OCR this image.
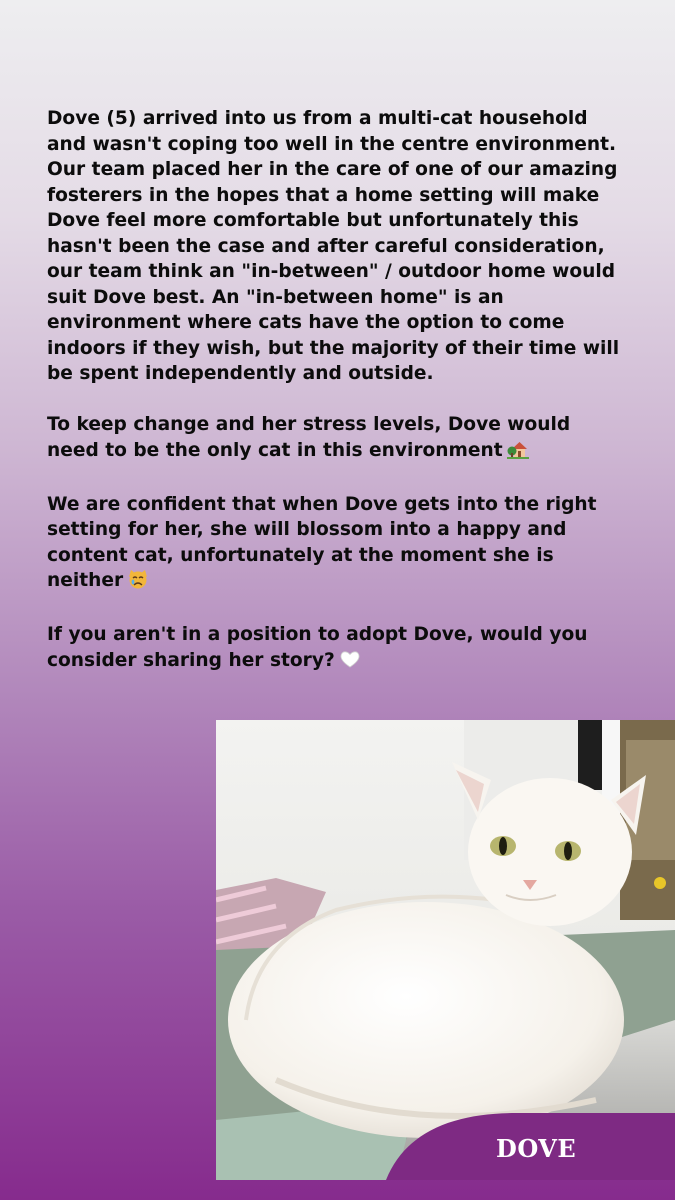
Dove (5) arrived into us from a multi-cat household
and wasn't coping too well in the centre environment.
Our team placed her in the care of one of our amazing
fosterers in the hopes that a home setting will make
Dove feel more comfortable but unfortunately this
hasn't been the case and after careful consideration,
our team think an "in-between" / outdoor home would
suit Dove best. An "in-between home" is an
environment where cats have the option to come
indoors if they wish, but the majority of their time will
be spent independently and outside.

To keep change and her stress levels, Dove would
need to be the only cat in this environment

We are confident that when Dove gets into the right
setting for her, she will blossom into a happy and
content cat, unfortunately at the moment she is
neither

If you aren't in a position to adopt Dove, would you
consider sharing her story?

DOVE
